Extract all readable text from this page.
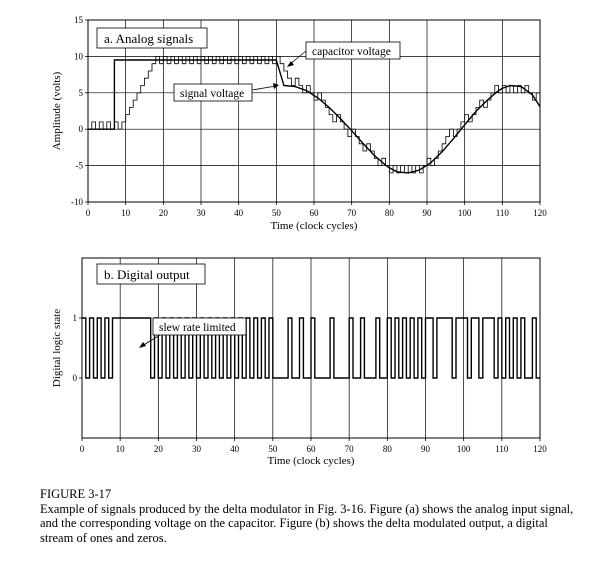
0	10	20	30	40	50	60	70	80	90	100	110	120
-10
-5
0
5
10
15
a. Analog signals
capacitor voltage
signal voltage
Time (clock cycles)
Amplitude (volts)
0	10	20	30	40	50	60	70	80	90	100	110	120
0
1
b. Digital output
slew rate limited
Time (clock cycles)
Digital logic state
FIGURE 3-17
Example of signals produced by the delta modulator in Fig. 3-16. Figure (a) shows the analog input signal, and the corresponding voltage on the capacitor. Figure (b) shows the delta modulated output, a digital stream of ones and zeros.
